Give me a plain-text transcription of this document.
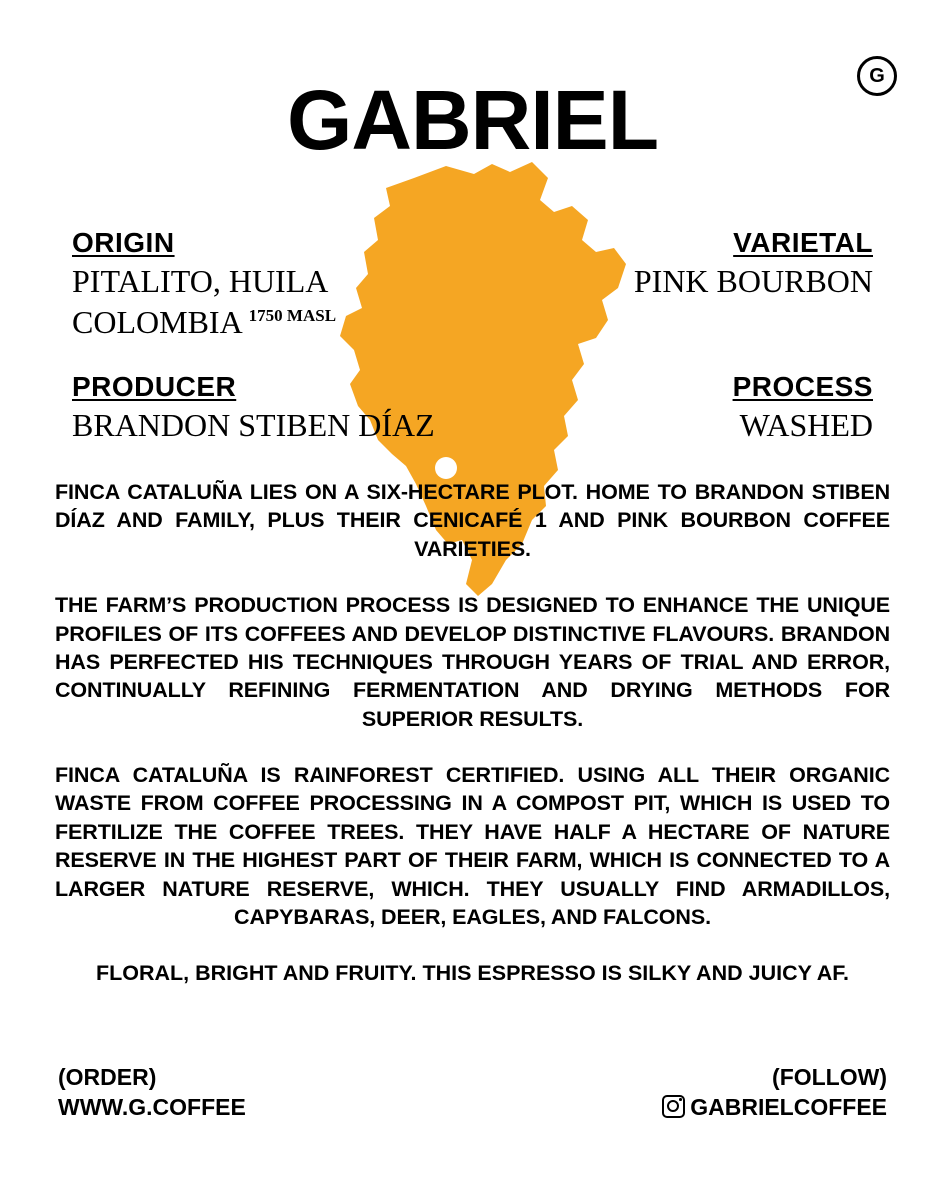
G
GABRIEL
ORIGIN
PITALITO, HUILA
COLOMBIA $^{1750 MASL}$
VARIETAL
PINK BOURBON
PRODUCER
BRANDON STIBEN DÍAZ
PROCESS
WASHED

FINCA CATALUÑA LIES ON A SIX-HECTARE PLOT. HOME TO BRANDON STIBEN DÍAZ AND FAMILY, PLUS THEIR CENICAFÉ 1 AND PINK BOURBON COFFEE VARIETIES.

THE FARM’S PRODUCTION PROCESS IS DESIGNED TO ENHANCE THE UNIQUE PROFILES OF ITS COFFEES AND DEVELOP DISTINCTIVE FLAVOURS. BRANDON HAS PERFECTED HIS TECHNIQUES THROUGH YEARS OF TRIAL AND ERROR, CONTINUALLY REFINING FERMENTATION AND DRYING METHODS FOR SUPERIOR RESULTS.

FINCA CATALUÑA IS RAINFOREST CERTIFIED. USING ALL THEIR ORGANIC WASTE FROM COFFEE PROCESSING IN A COMPOST PIT, WHICH IS USED TO FERTILIZE THE COFFEE TREES. THEY HAVE HALF A HECTARE OF NATURE RESERVE IN THE HIGHEST PART OF THEIR FARM, WHICH IS CONNECTED TO A LARGER NATURE RESERVE, WHICH. THEY USUALLY FIND ARMADILLOS, CAPYBARAS, DEER, EAGLES, AND FALCONS.

FLORAL, BRIGHT AND FRUITY. THIS ESPRESSO IS SILKY AND JUICY AF.

(ORDER)
WWW.G.COFFEE
(FOLLOW)
GABRIELCOFFEE
